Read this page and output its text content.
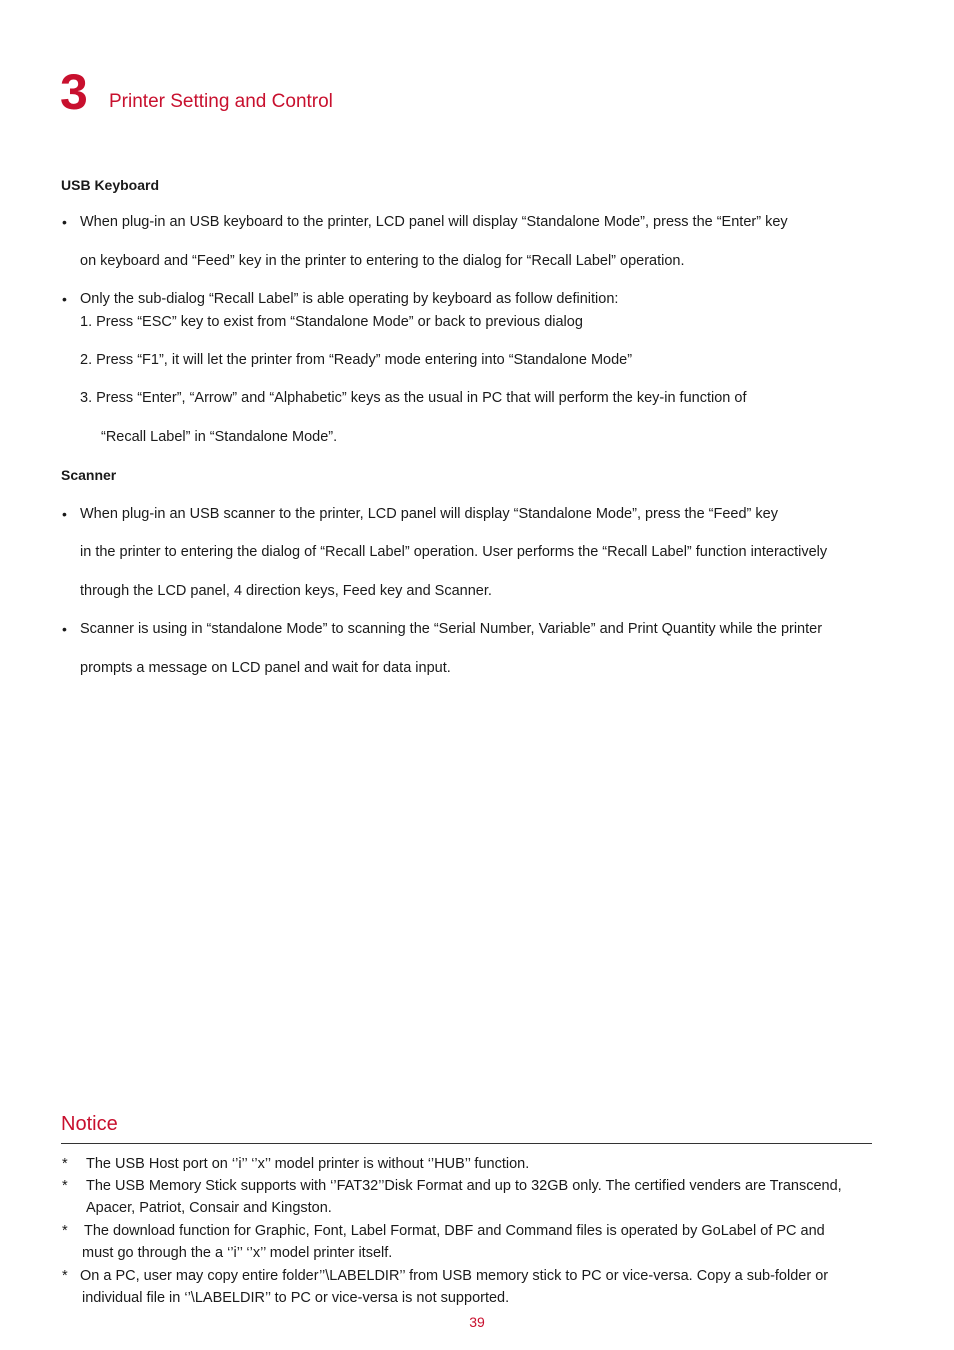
3 Printer Setting and Control
USB Keyboard
• When plug-in an USB keyboard to the printer, LCD panel will display “Standalone Mode”, press the “Enter” key
on keyboard and “Feed” key in the printer to entering to the dialog for “Recall Label” operation.
• Only the sub-dialog “Recall Label” is able operating by keyboard as follow definition:
1. Press “ESC” key to exist from “Standalone Mode” or back to previous dialog
2. Press “F1”, it will let the printer from “Ready” mode entering into “Standalone Mode”
3. Press “Enter”, “Arrow” and “Alphabetic” keys as the usual in PC that will perform the key-in function of
“Recall Label” in “Standalone Mode”.
Scanner
• When plug-in an USB scanner to the printer, LCD panel will display “Standalone Mode”, press the “Feed” key
in the printer to entering the dialog of “Recall Label” operation. User performs the “Recall Label” function interactively
through the LCD panel, 4 direction keys, Feed key and Scanner.
• Scanner is using in “standalone Mode” to scanning the “Serial Number, Variable” and Print Quantity while the printer
prompts a message on LCD panel and wait for data input.
Notice
* The USB Host port on ‘’i’’ ‘’x’’ model printer is without ‘’HUB’’ function.
* The USB Memory Stick supports with ‘’FAT32’’Disk Format and up to 32GB only. The certified venders are Transcend,
Apacer, Patriot, Consair and Kingston.
* The download function for Graphic, Font, Label Format, DBF and Command files is operated by GoLabel of PC and
must go through the a ‘’i’’ ‘’x’’ model printer itself.
* On a PC, user may copy entire folder’’\LABELDIR’’ from USB memory stick to PC or vice-versa. Copy a sub-folder or
individual file in ‘’\LABELDIR’’ to PC or vice-versa is not supported.
39
